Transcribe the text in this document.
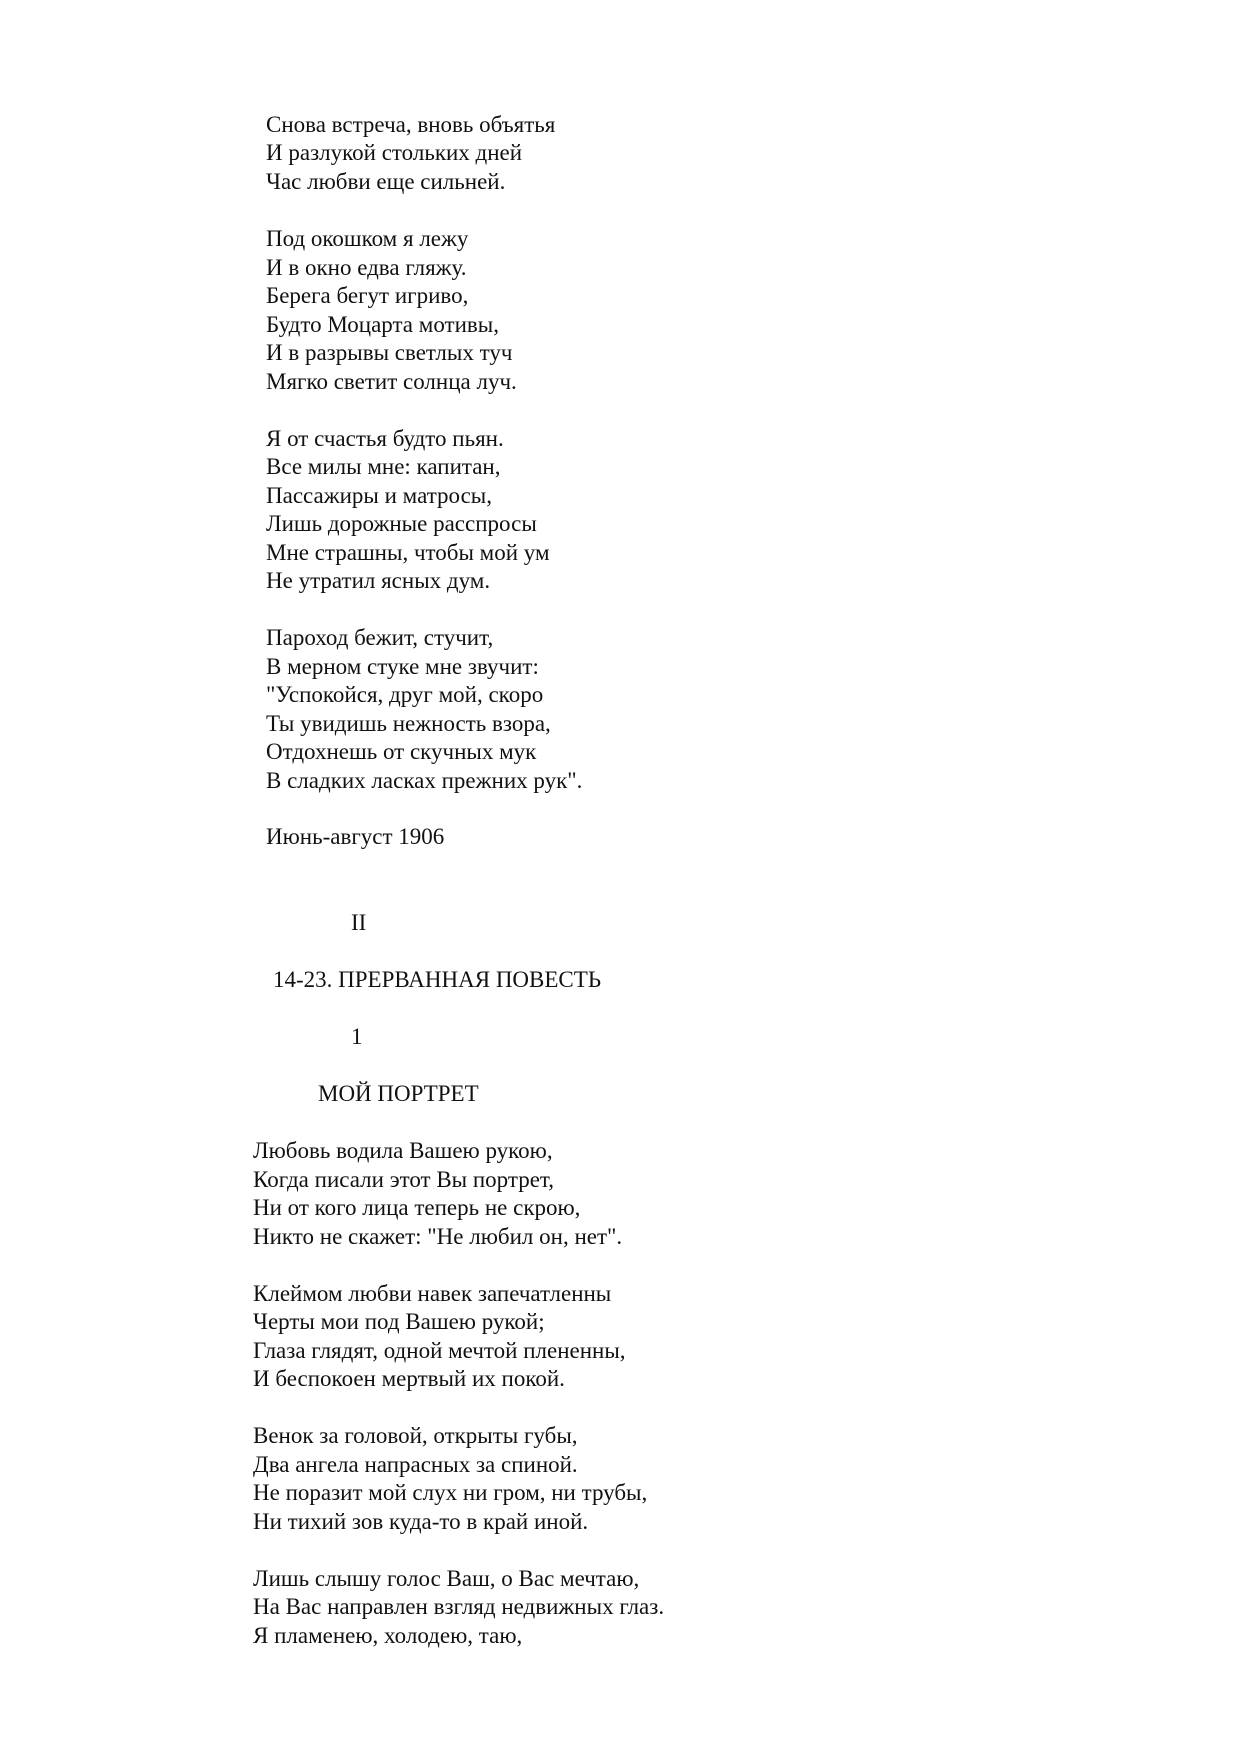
Снова встреча, вновь объятья
И разлукой стольких дней
Час любви еще сильней.
Под окошком я лежу
И в окно едва гляжу.
Берега бегут игриво,
Будто Моцарта мотивы,
И в разрывы светлых туч
Мягко светит солнца луч.
Я от счастья будто пьян.
Все милы мне: капитан,
Пассажиры и матросы,
Лишь дорожные расспросы
Мне страшны, чтобы мой ум
Не утратил ясных дум.
Пароход бежит, стучит,
В мерном стуке мне звучит:
"Успокойся, друг мой, скоро
Ты увидишь нежность взора,
Отдохнешь от скучных мук
В сладких ласках прежних рук".
Июнь-август 1906
II
14-23. ПРЕРВАННАЯ ПОВЕСТЬ
1
МОЙ ПОРТРЕТ
Любовь водила Вашею рукою,
Когда писали этот Вы портрет,
Ни от кого лица теперь не скрою,
Никто не скажет: "Не любил он, нет".
Клеймом любви навек запечатленны
Черты мои под Вашею рукой;
Глаза глядят, одной мечтой плененны,
И беспокоен мертвый их покой.
Венок за головой, открыты губы,
Два ангела напрасных за спиной.
Не поразит мой слух ни гром, ни трубы,
Ни тихий зов куда-то в край иной.
Лишь слышу голос Ваш, о Вас мечтаю,
На Вас направлен взгляд недвижных глаз.
Я пламенею, холодею, таю,
